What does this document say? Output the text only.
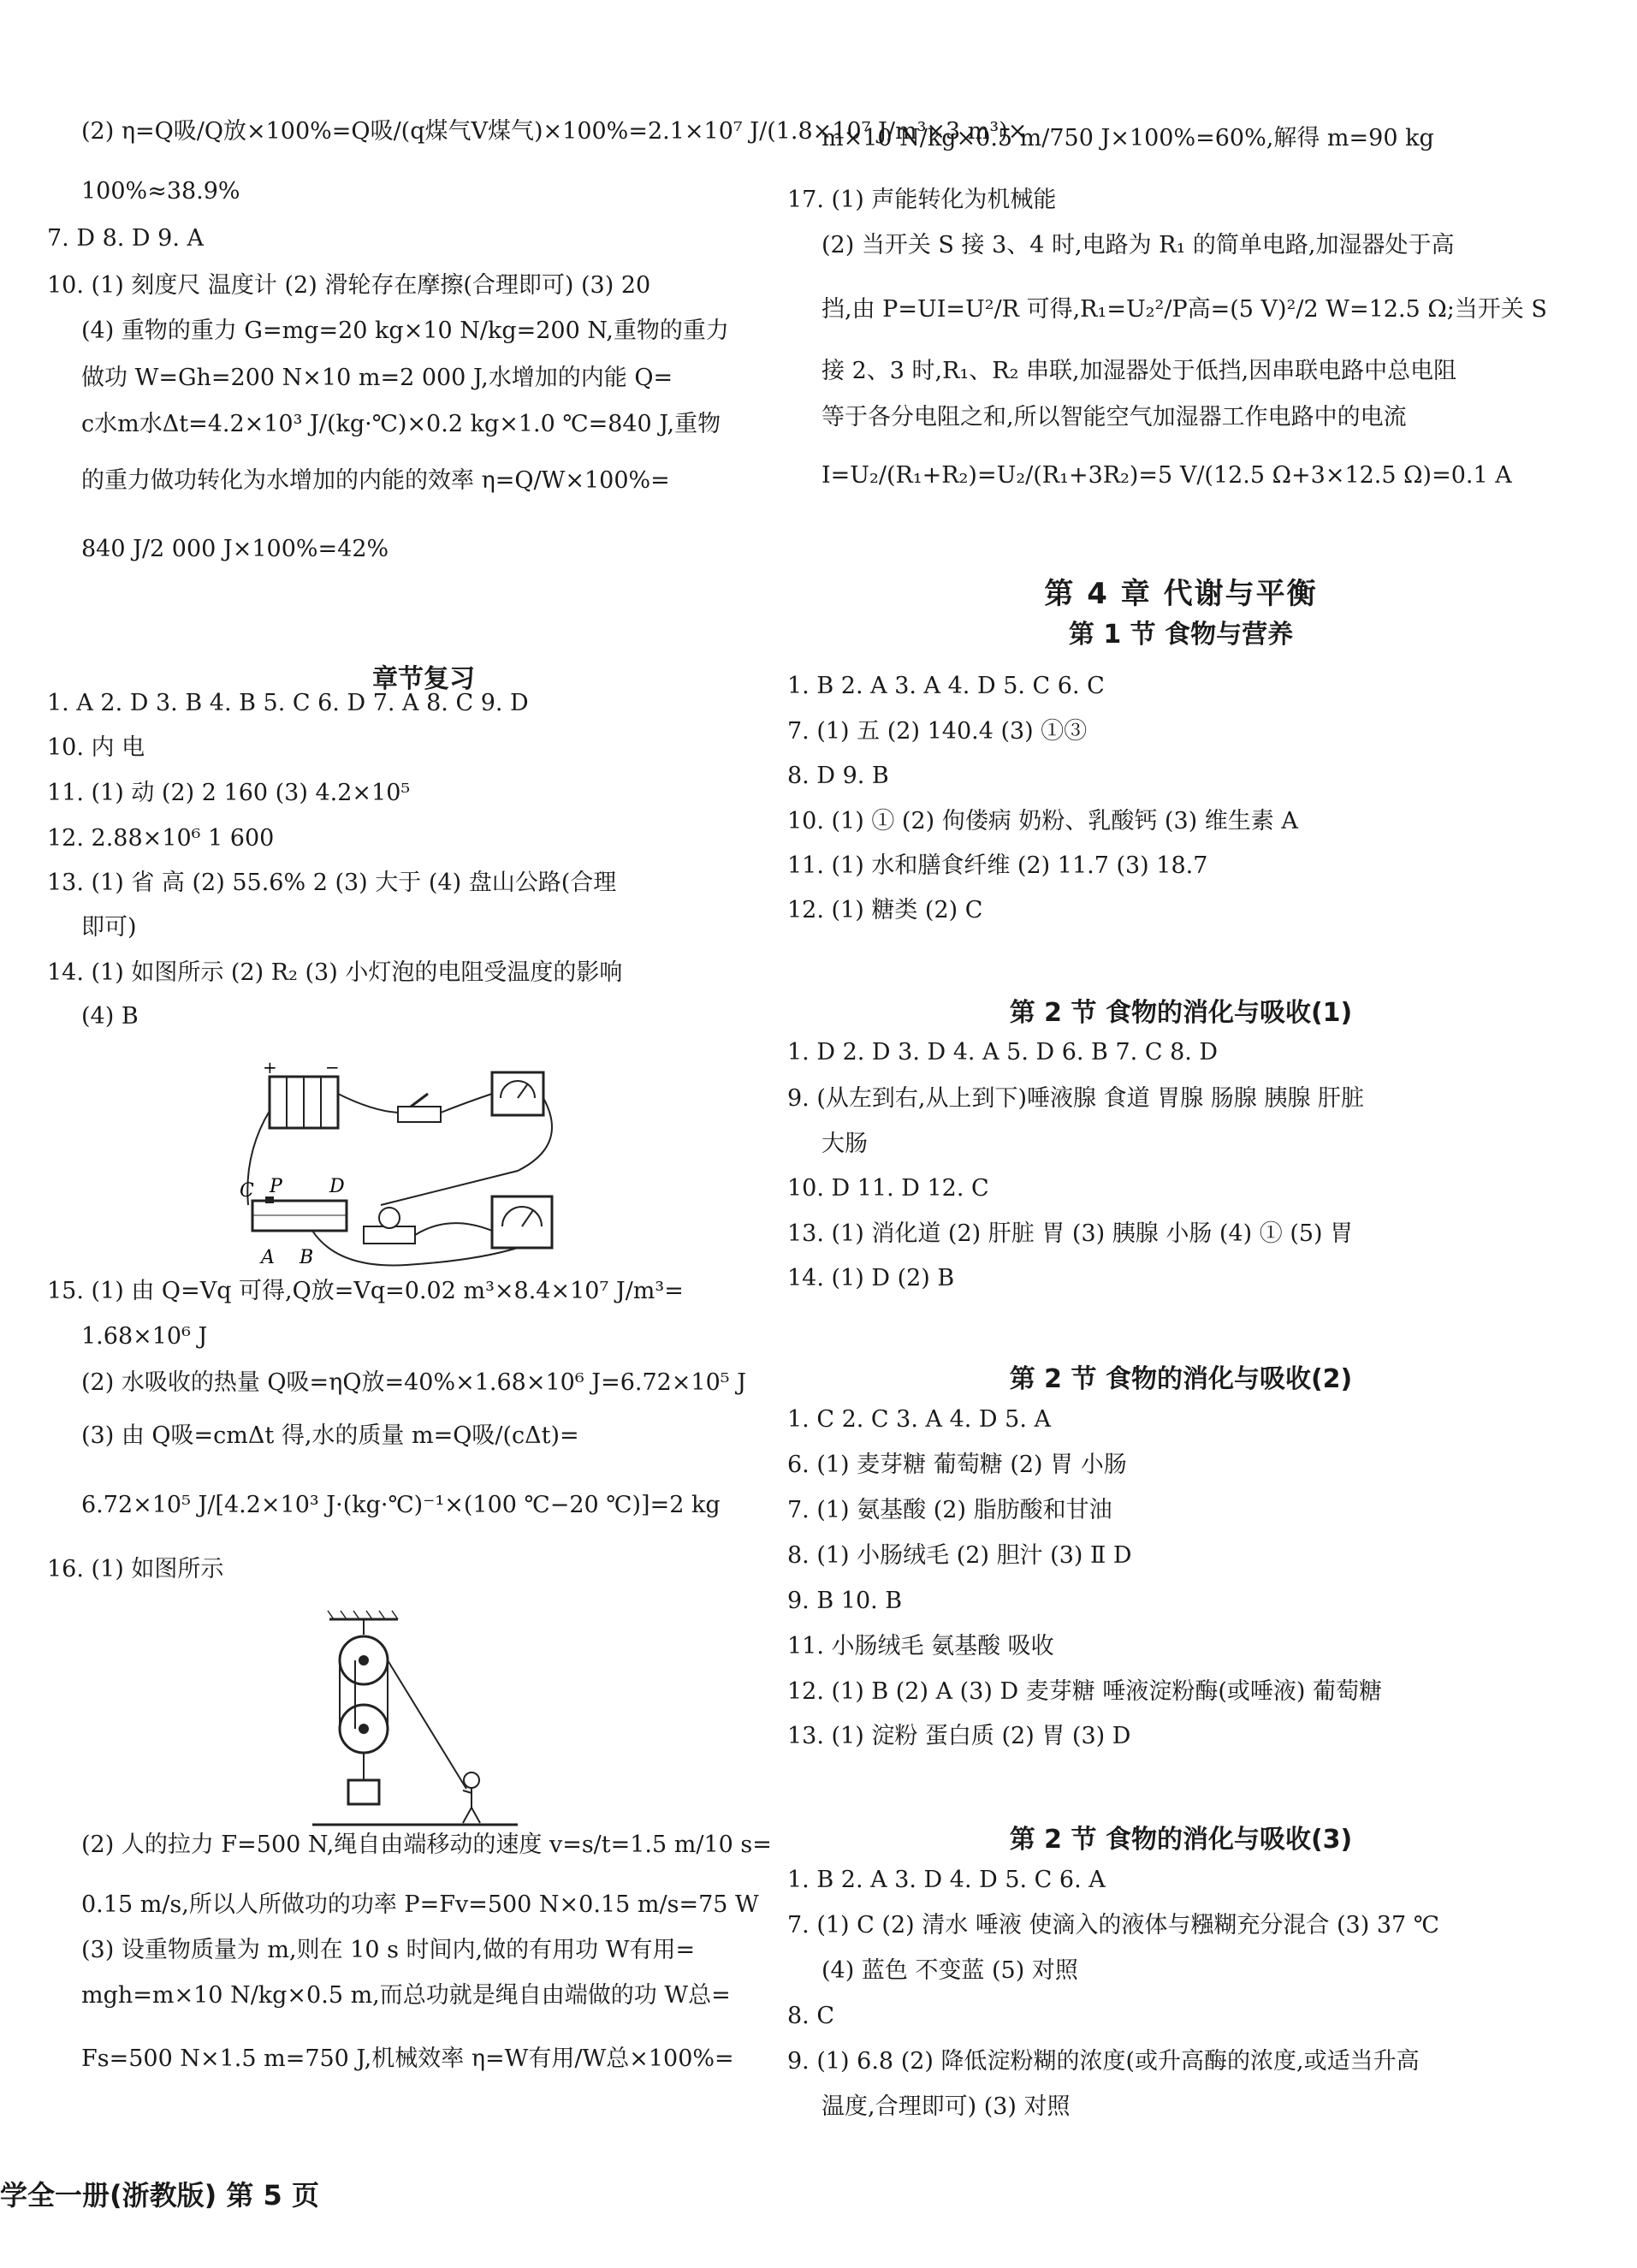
章节复习
+	−
C P	D
A B
(2) η=Q吸/Q放×100%=Q吸/(q煤气V煤气)×100%=2.1×10⁷ J/(1.8×10⁷ J/m³×3 m³)×
100%≈38.9%
7. D 8. D 9. A
10. (1) 刻度尺 温度计 (2) 滑轮存在摩擦(合理即可) (3) 20
(4) 重物的重力 G=mg=20 kg×10 N/kg=200 N,重物的重力
做功 W=Gh=200 N×10 m=2 000 J,水增加的内能 Q=
c水m水Δt=4.2×10³ J/(kg·℃)×0.2 kg×1.0 ℃=840 J,重物
的重力做功转化为水增加的内能的效率 η=Q/W×100%=
840 J/2 000 J×100%=42%
1. A 2. D 3. B 4. B 5. C 6. D 7. A 8. C 9. D
10. 内 电
11. (1) 动 (2) 2 160 (3) 4.2×10⁵
12. 2.88×10⁶ 1 600
13. (1) 省 高 (2) 55.6% 2 (3) 大于 (4) 盘山公路(合理
即可)
14. (1) 如图所示 (2) R₂ (3) 小灯泡的电阻受温度的影响
(4) B
15. (1) 由 Q=Vq 可得,Q放=Vq=0.02 m³×8.4×10⁷ J/m³=
1.68×10⁶ J
(2) 水吸收的热量 Q吸=ηQ放=40%×1.68×10⁶ J=6.72×10⁵ J
(3) 由 Q吸=cmΔt 得,水的质量 m=Q吸/(cΔt)=
6.72×10⁵ J/[4.2×10³ J·(kg·℃)⁻¹×(100 ℃−20 ℃)]=2 kg
16. (1) 如图所示
(2) 人的拉力 F=500 N,绳自由端移动的速度 v=s/t=1.5 m/10 s=
0.15 m/s,所以人所做功的功率 P=Fv=500 N×0.15 m/s=75 W
(3) 设重物质量为 m,则在 10 s 时间内,做的有用功 W有用=
mgh=m×10 N/kg×0.5 m,而总功就是绳自由端做的功 W总=
Fs=500 N×1.5 m=750 J,机械效率 η=W有用/W总×100%=
m×10 N/kg×0.5 m/750 J×100%=60%,解得 m=90 kg
17. (1) 声能转化为机械能
(2) 当开关 S 接 3、4 时,电路为 R₁ 的简单电路,加湿器处于高
挡,由 P=UI=U²/R 可得,R₁=U₂²/P高=(5 V)²/2 W=12.5 Ω;当开关 S
接 2、3 时,R₁、R₂ 串联,加湿器处于低挡,因串联电路中总电阻
等于各分电阻之和,所以智能空气加湿器工作电路中的电流
I=U₂/(R₁+R₂)=U₂/(R₁+3R₂)=5 V/(12.5 Ω+3×12.5 Ω)=0.1 A
1. B 2. A 3. A 4. D 5. C 6. C
7. (1) 五 (2) 140.4 (3) ①③
8. D 9. B
10. (1) ① (2) 佝偻病 奶粉、乳酸钙 (3) 维生素 A
11. (1) 水和膳食纤维 (2) 11.7 (3) 18.7
12. (1) 糖类 (2) C
1. D 2. D 3. D 4. A 5. D 6. B 7. C 8. D
9. (从左到右,从上到下)唾液腺 食道 胃腺 肠腺 胰腺 肝脏
大肠
10. D 11. D 12. C
13. (1) 消化道 (2) 肝脏 胃 (3) 胰腺 小肠 (4) ① (5) 胃
14. (1) D (2) B
1. C 2. C 3. A 4. D 5. A
6. (1) 麦芽糖 葡萄糖 (2) 胃 小肠
7. (1) 氨基酸 (2) 脂肪酸和甘油
8. (1) 小肠绒毛 (2) 胆汁 (3) Ⅱ D
9. B 10. B
11. 小肠绒毛 氨基酸 吸收
12. (1) B (2) A (3) D 麦芽糖 唾液淀粉酶(或唾液) 葡萄糖
13. (1) 淀粉 蛋白质 (2) 胃 (3) D
1. B 2. A 3. D 4. D 5. C 6. A
7. (1) C (2) 清水 唾液 使滴入的液体与糨糊充分混合 (3) 37 ℃
(4) 蓝色 不变蓝 (5) 对照
8. C
9. (1) 6.8 (2) 降低淀粉糊的浓度(或升高酶的浓度,或适当升高
温度,合理即可) (3) 对照
第 4 章 代谢与平衡
第 1 节 食物与营养
第 2 节 食物的消化与吸收(1)
第 2 节 食物的消化与吸收(2)
第 2 节 食物的消化与吸收(3)
学全一册(浙教版) 第 5 页
